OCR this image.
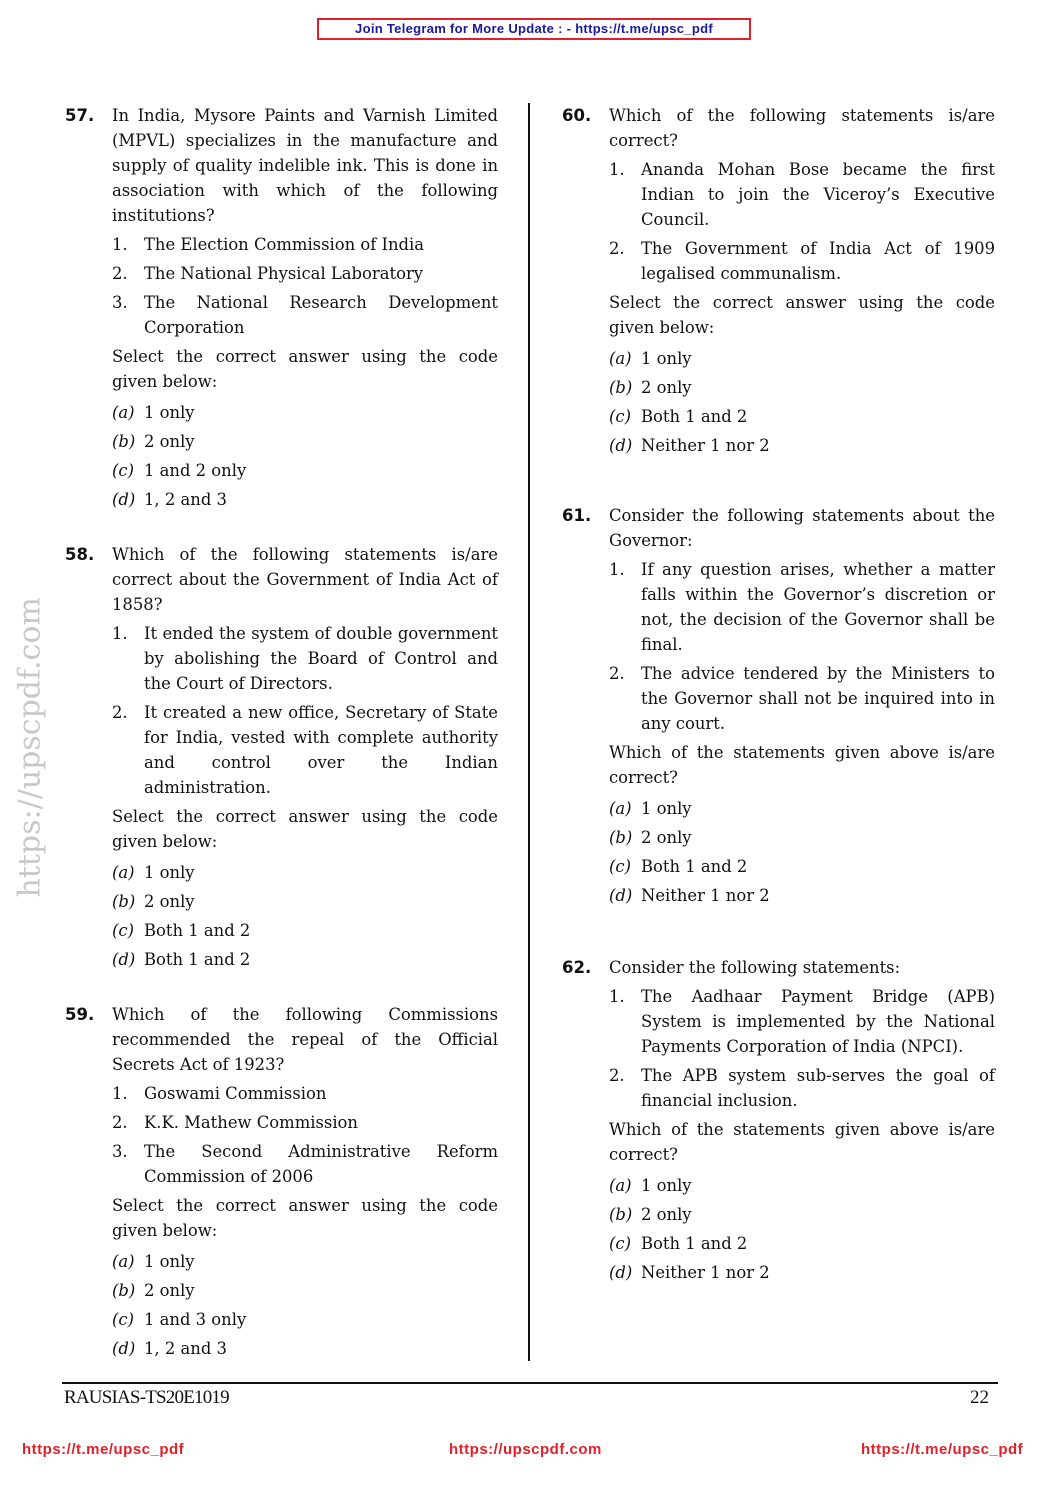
Join Telegram for More Update : - https://t.me/upsc_pdf
https://upscpdf.com
57. In India, Mysore Paints and Varnish Limited (MPVL) specializes in the manufacture and supply of quality indelible ink. This is done in association with which of the following institutions?
1. The Election Commission of India
2. The National Physical Laboratory
3. The National Research Development Corporation
Select the correct answer using the code given below:
(a) 1 only
(b) 2 only
(c) 1 and 2 only
(d) 1, 2 and 3
58. Which of the following statements is/are correct about the Government of India Act of 1858?
1. It ended the system of double government by abolishing the Board of Control and the Court of Directors.
2. It created a new office, Secretary of State for India, vested with complete authority and control over the Indian administration.
Select the correct answer using the code given below:
(a) 1 only
(b) 2 only
(c) Both 1 and 2
(d) Both 1 and 2
59. Which of the following Commissions recommended the repeal of the Official Secrets Act of 1923?
1. Goswami Commission
2. K.K. Mathew Commission
3. The Second Administrative Reform Commission of 2006
Select the correct answer using the code given below:
(a) 1 only
(b) 2 only
(c) 1 and 3 only
(d) 1, 2 and 3
60. Which of the following statements is/are correct?
1. Ananda Mohan Bose became the first Indian to join the Viceroy’s Executive Council.
2. The Government of India Act of 1909 legalised communalism.
Select the correct answer using the code given below:
(a) 1 only
(b) 2 only
(c) Both 1 and 2
(d) Neither 1 nor 2
61. Consider the following statements about the Governor:
1. If any question arises, whether a matter falls within the Governor’s discretion or not, the decision of the Governor shall be final.
2. The advice tendered by the Ministers to the Governor shall not be inquired into in any court.
Which of the statements given above is/are correct?
(a) 1 only
(b) 2 only
(c) Both 1 and 2
(d) Neither 1 nor 2
62. Consider the following statements:
1. The Aadhaar Payment Bridge (APB) System is implemented by the National Payments Corporation of India (NPCI).
2. The APB system sub-serves the goal of financial inclusion.
Which of the statements given above is/are correct?
(a) 1 only
(b) 2 only
(c) Both 1 and 2
(d) Neither 1 nor 2
RAUSIAS-TS20E1019	22
https://t.me/upsc_pdf	https://upscpdf.com	https://t.me/upsc_pdf
